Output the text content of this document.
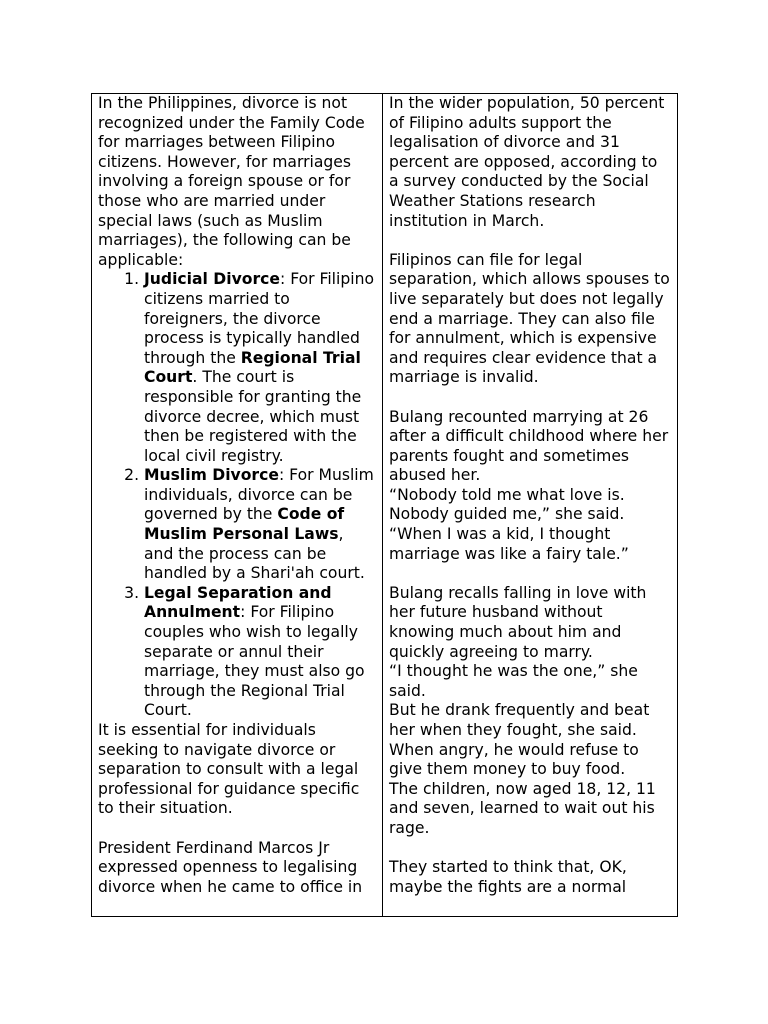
In the Philippines, divorce is not recognized under the Family Code for marriages between Filipino citizens. However, for marriages involving a foreign spouse or for those who are married under special laws (such as Muslim marriages), the following can be applicable:

1. Judicial Divorce: For Filipino citizens married to foreigners, the divorce process is typically handled through the Regional Trial Court. The court is responsible for granting the divorce decree, which must then be registered with the local civil registry.
2. Muslim Divorce: For Muslim individuals, divorce can be governed by the Code of Muslim Personal Laws, and the process can be handled by a Shari'ah court.
3. Legal Separation and Annulment: For Filipino couples who wish to legally separate or annul their marriage, they must also go through the Regional Trial Court.

It is essential for individuals seeking to navigate divorce or separation to consult with a legal professional for guidance specific to their situation.

President Ferdinand Marcos Jr expressed openness to legalising divorce when he came to office in

In the wider population, 50 percent of Filipino adults support the legalisation of divorce and 31 percent are opposed, according to a survey conducted by the Social Weather Stations research institution in March.

Filipinos can file for legal separation, which allows spouses to live separately but does not legally end a marriage. They can also file for annulment, which is expensive and requires clear evidence that a marriage is invalid.

Bulang recounted marrying at 26 after a difficult childhood where her parents fought and sometimes abused her.

“Nobody told me what love is. Nobody guided me,” she said.

“When I was a kid, I thought marriage was like a fairy tale.”

Bulang recalls falling in love with her future husband without knowing much about him and quickly agreeing to marry.

“I thought he was the one,” she said.

But he drank frequently and beat her when they fought, she said.

When angry, he would refuse to give them money to buy food.

The children, now aged 18, 12, 11 and seven, learned to wait out his rage.

They started to think that, OK, maybe the fights are a normal
